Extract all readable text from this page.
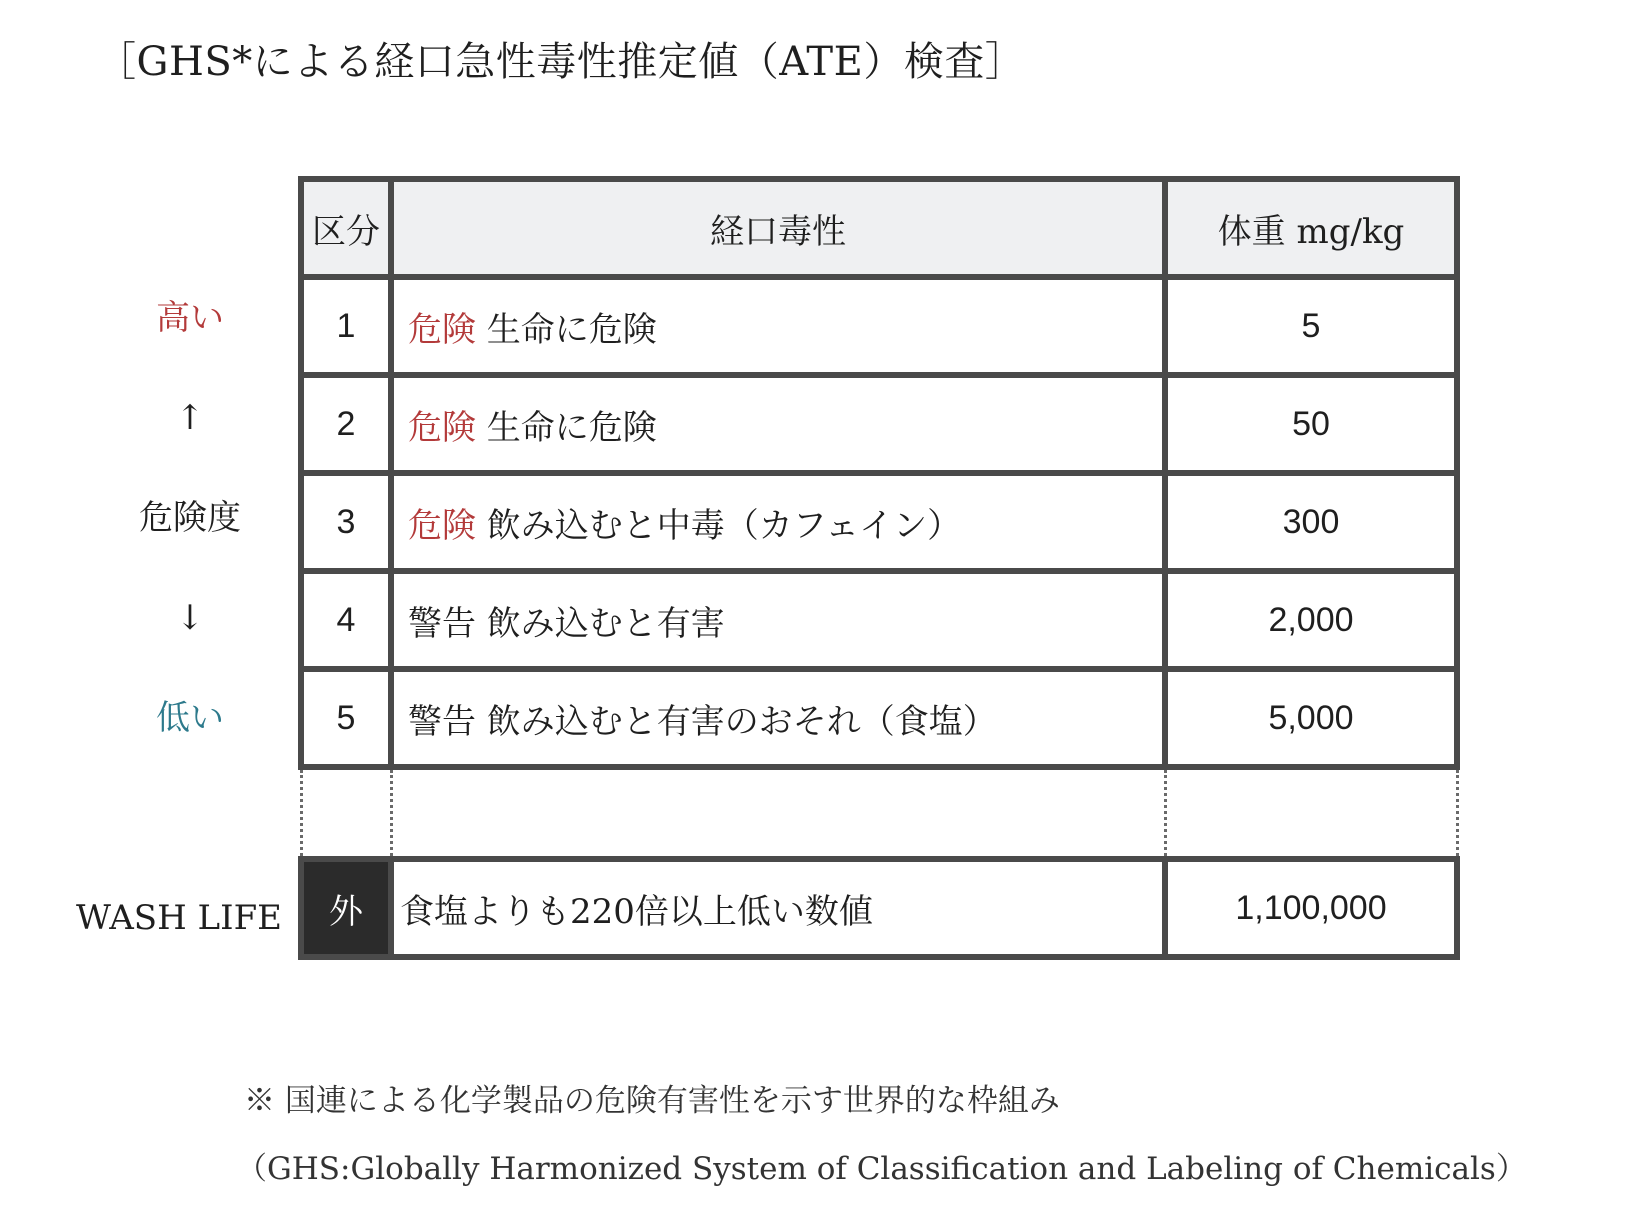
［GHS*による経口急性毒性推定値（ATE）検査］
高い
↑
危険度
↓
低い
WASH LIFE
区分	経口毒性	体重 mg/kg
1	危険 生命に危険	5
2	危険 生命に危険	50
3	危険 飲み込むと中毒（カフェイン）	300
4	警告 飲み込むと有害	2,000
5	警告 飲み込むと有害のおそれ（食塩）	5,000

外	食塩よりも220倍以上低い数値	1,100,000
※ 国連による化学製品の危険有害性を示す世界的な枠組み
（GHS:Globally Harmonized System of Classification and Labeling of Chemicals）
